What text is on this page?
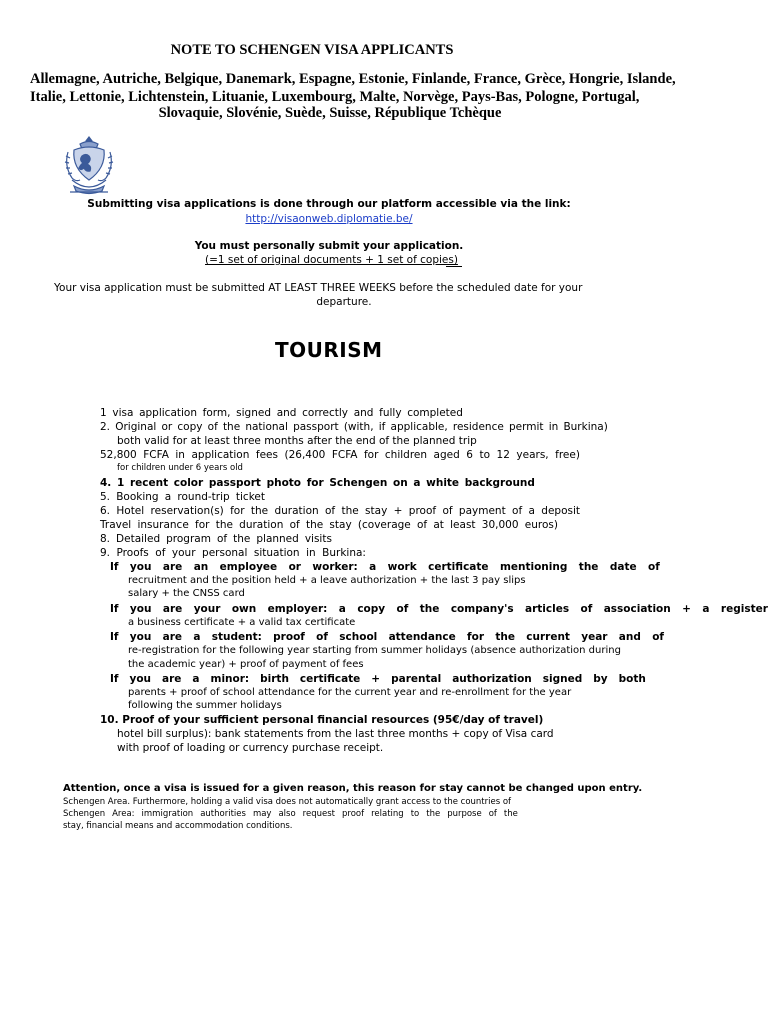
NOTE TO SCHENGEN VISA APPLICANTS
Allemagne, Autriche, Belgique, Danemark, Espagne, Estonie, Finlande, France, Grèce, Hongrie, Islande,
Italie, Lettonie, Lichtenstein, Lituanie, Luxembourg, Malte, Norvège, Pays-Bas, Pologne, Portugal,
Slovaquie, Slovénie, Suède, Suisse, République Tchèque
Submitting visa applications is done through our platform accessible via the link:
http://visaonweb.diplomatie.be/
You must personally submit your application.
(=1 set of original documents + 1 set of copies)
Your visa application must be submitted AT LEAST THREE WEEKS before the scheduled date for your
departure.
TOURISM
1 visa application form, signed and correctly and fully completed
2. Original or copy of the national passport (with, if applicable, residence permit in Burkina)
both valid for at least three months after the end of the planned trip
52,800 FCFA in application fees (26,400 FCFA for children aged 6 to 12 years, free)
for children under 6 years old
4. 1 recent color passport photo for Schengen on a white background
5. Booking a round-trip ticket
6. Hotel reservation(s) for the duration of the stay + proof of payment of a deposit
Travel insurance for the duration of the stay (coverage of at least 30,000 euros)
8. Detailed program of the planned visits
9. Proofs of your personal situation in Burkina:
If you are an employee or worker: a work certificate mentioning the date of
recruitment and the position held + a leave authorization + the last 3 pay slips
salary + the CNSS card
If you are your own employer: a copy of the company's articles of association + a register
a business certificate + a valid tax certificate
If you are a student: proof of school attendance for the current year and of
re-registration for the following year starting from summer holidays (absence authorization during
the academic year) + proof of payment of fees
If you are a minor: birth certificate + parental authorization signed by both
parents + proof of school attendance for the current year and re-enrollment for the year
following the summer holidays
10. Proof of your sufficient personal financial resources (95€/day of travel)
hotel bill surplus): bank statements from the last three months + copy of Visa card
with proof of loading or currency purchase receipt.
Attention, once a visa is issued for a given reason, this reason for stay cannot be changed upon entry.
Schengen Area. Furthermore, holding a valid visa does not automatically grant access to the countries of
Schengen Area: immigration authorities may also request proof relating to the purpose of the
stay, financial means and accommodation conditions.
